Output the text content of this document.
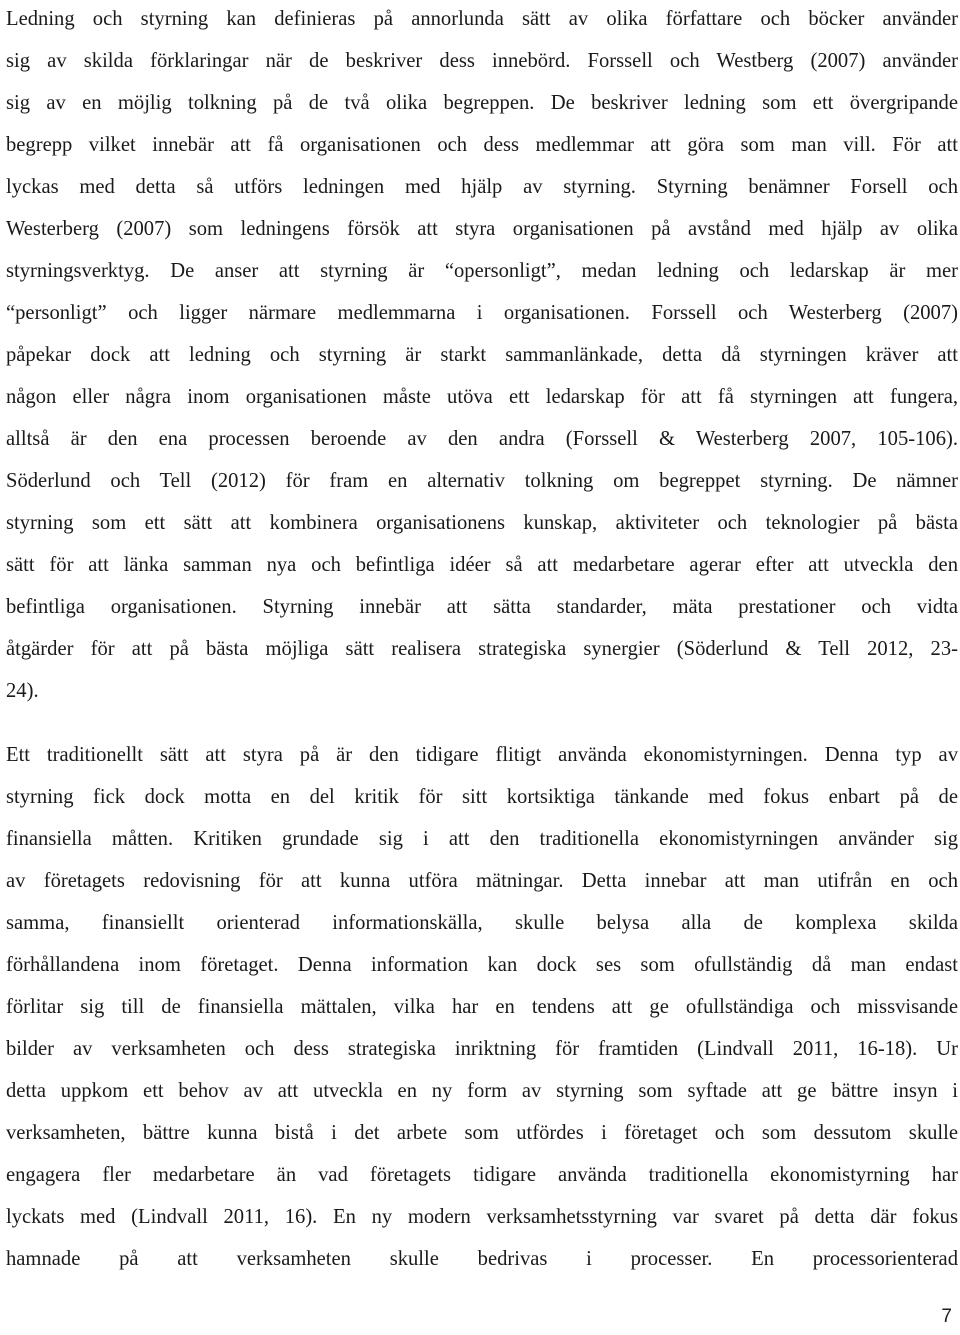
Ledning och styrning kan definieras på annorlunda sätt av olika författare och böcker använder
sig av skilda förklaringar när de beskriver dess innebörd. Forssell och Westberg (2007) använder
sig av en möjlig tolkning på de två olika begreppen. De beskriver ledning som ett övergripande
begrepp vilket innebär att få organisationen och dess medlemmar att göra som man vill. För att
lyckas med detta så utförs ledningen med hjälp av styrning. Styrning benämner Forsell och
Westerberg (2007) som ledningens försök att styra organisationen på avstånd med hjälp av olika
styrningsverktyg. De anser att styrning är “opersonligt”, medan ledning och ledarskap är mer
“personligt” och ligger närmare medlemmarna i organisationen. Forssell och Westerberg (2007)
påpekar dock att ledning och styrning är starkt sammanlänkade, detta då styrningen kräver att
någon eller några inom organisationen måste utöva ett ledarskap för att få styrningen att fungera,
alltså är den ena processen beroende av den andra (Forssell & Westerberg 2007, 105-106).
Söderlund och Tell (2012) för fram en alternativ tolkning om begreppet styrning. De nämner
styrning som ett sätt att kombinera organisationens kunskap, aktiviteter och teknologier på bästa
sätt för att länka samman nya och befintliga idéer så att medarbetare agerar efter att utveckla den
befintliga organisationen. Styrning innebär att sätta standarder, mäta prestationer och vidta
åtgärder för att på bästa möjliga sätt realisera strategiska synergier (Söderlund & Tell 2012, 23-
24).
Ett traditionellt sätt att styra på är den tidigare flitigt använda ekonomistyrningen. Denna typ av
styrning fick dock motta en del kritik för sitt kortsiktiga tänkande med fokus enbart på de
finansiella måtten. Kritiken grundade sig i att den traditionella ekonomistyrningen använder sig
av företagets redovisning för att kunna utföra mätningar. Detta innebar att man utifrån en och
samma, finansiellt orienterad informationskälla, skulle belysa alla de komplexa skilda
förhållandena inom företaget. Denna information kan dock ses som ofullständig då man endast
förlitar sig till de finansiella mättalen, vilka har en tendens att ge ofullständiga och missvisande
bilder av verksamheten och dess strategiska inriktning för framtiden (Lindvall 2011, 16-18). Ur
detta uppkom ett behov av att utveckla en ny form av styrning som syftade att ge bättre insyn i
verksamheten, bättre kunna bistå i det arbete som utfördes i företaget och som dessutom skulle
engagera fler medarbetare än vad företagets tidigare använda traditionella ekonomistyrning har
lyckats med (Lindvall 2011, 16). En ny modern verksamhetsstyrning var svaret på detta där fokus
hamnade på att verksamheten skulle bedrivas i processer. En processorienterad
7
